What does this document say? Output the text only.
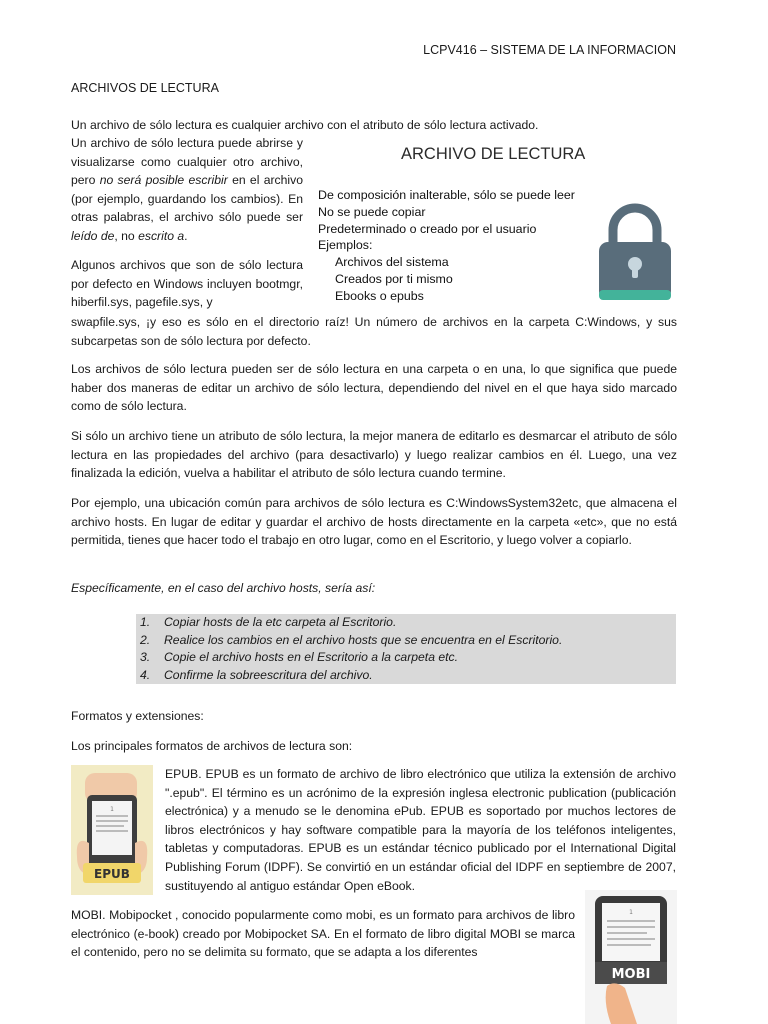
LCPV416 – SISTEMA DE LA INFORMACION
ARCHIVOS DE LECTURA

Un archivo de sólo lectura es cualquier archivo con el atributo de sólo lectura activado.

Un archivo de sólo lectura puede abrirse y visualizarse como cualquier otro archivo, pero no será posible escribir en el archivo (por ejemplo, guardando los cambios). En otras palabras, el archivo sólo puede ser leído de, no escrito a.

Algunos archivos que son de sólo lectura por defecto en Windows incluyen bootmgr, hiberfil.sys, pagefile.sys, y

swapfile.sys, ¡y eso es sólo en el directorio raíz! Un número de archivos en la carpeta C:Windows, y sus subcarpetas son de sólo lectura por defecto.

ARCHIVO DE LECTURA
De composición inalterable, sólo se puede leer
No se puede copiar
Predeterminado o creado por el usuario
Ejemplos:
Archivos del sistema
Creados por ti mismo
Ebooks o epubs

Los archivos de sólo lectura pueden ser de sólo lectura en una carpeta o en una, lo que significa que puede haber dos maneras de editar un archivo de sólo lectura, dependiendo del nivel en el que haya sido marcado como de sólo lectura.

Si sólo un archivo tiene un atributo de sólo lectura, la mejor manera de editarlo es desmarcar el atributo de sólo lectura en las propiedades del archivo (para desactivarlo) y luego realizar cambios en él. Luego, una vez finalizada la edición, vuelva a habilitar el atributo de sólo lectura cuando termine.

Por ejemplo, una ubicación común para archivos de sólo lectura es C:WindowsSystem32etc, que almacena el archivo hosts. En lugar de editar y guardar el archivo de hosts directamente en la carpeta «etc», que no está permitida, tienes que hacer todo el trabajo en otro lugar, como en el Escritorio, y luego volver a copiarlo.

Específicamente, en el caso del archivo hosts, sería así:

1. Copiar hosts de la etc carpeta al Escritorio.
2. Realice los cambios en el archivo hosts que se encuentra en el Escritorio.
3. Copie el archivo hosts en el Escritorio a la carpeta etc.
4. Confirme la sobreescritura del archivo.

Formatos y extensiones:

Los principales formatos de archivos de lectura son:

1
EPUB

EPUB. EPUB es un formato de archivo de libro electrónico que utiliza la extensión de archivo ".epub". El término es un acrónimo de la expresión inglesa electronic publication (publicación electrónica) y a menudo se le denomina ePub. EPUB es soportado por muchos lectores de libros electrónicos y hay software compatible para la mayoría de los teléfonos inteligentes, tabletas y computadoras. EPUB es un estándar técnico publicado por el International Digital Publishing Forum (IDPF). Se convirtió en un estándar oficial del IDPF en septiembre de 2007, sustituyendo al antiguo estándar Open eBook.

MOBI. Mobipocket , conocido popularmente como mobi, es un formato para archivos de libro electrónico (e-book) creado por Mobipocket SA. En el formato de libro digital MOBI se marca el contenido, pero no se delimita su formato, que se adapta a los diferentes

1
MOBI
